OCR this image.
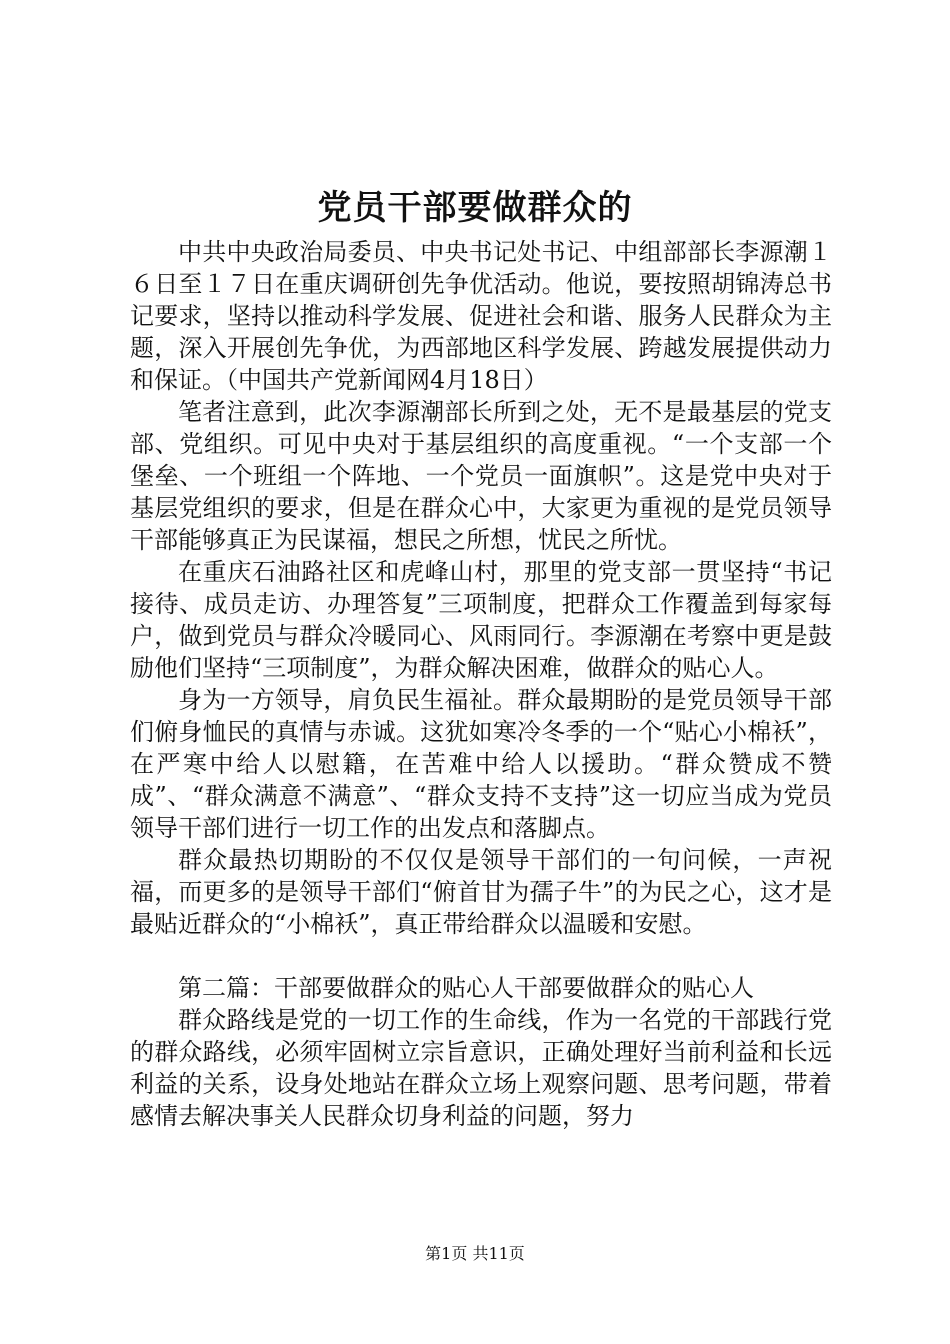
党员干部要做群众的

中共中央政治局委员、中央书记处书记、中组部部长李源潮１６日至１７日在重庆调研创先争优活动。他说，要按照胡锦涛总书记要求，坚持以推动科学发展、促进社会和谐、服务人民群众为主题，深入开展创先争优，为西部地区科学发展、跨越发展提供动力和保证。（中国共产党新闻网4月18日）

笔者注意到，此次李源潮部长所到之处，无不是最基层的党支部、党组织。可见中央对于基层组织的高度重视。“一个支部一个堡垒、一个班组一个阵地、一个党员一面旗帜”。这是党中央对于基层党组织的要求，但是在群众心中，大家更为重视的是党员领导干部能够真正为民谋福，想民之所想，忧民之所忧。

在重庆石油路社区和虎峰山村，那里的党支部一贯坚持“书记接待、成员走访、办理答复”三项制度，把群众工作覆盖到每家每户，做到党员与群众冷暖同心、风雨同行。李源潮在考察中更是鼓励他们坚持“三项制度”，为群众解决困难，做群众的贴心人。

身为一方领导，肩负民生福祉。群众最期盼的是党员领导干部们俯身恤民的真情与赤诚。这犹如寒冷冬季的一个“贴心小棉袄”，在严寒中给人以慰籍，在苦难中给人以援助。“群众赞成不赞成”、“群众满意不满意”、“群众支持不支持”这一切应当成为党员领导干部们进行一切工作的出发点和落脚点。

群众最热切期盼的不仅仅是领导干部们的一句问候，一声祝福，而更多的是领导干部们“俯首甘为孺子牛”的为民之心，这才是最贴近群众的“小棉袄”，真正带给群众以温暖和安慰。

第二篇：干部要做群众的贴心人干部要做群众的贴心人

群众路线是党的一切工作的生命线，作为一名党的干部践行党的群众路线，必须牢固树立宗旨意识，正确处理好当前利益和长远利益的关系，设身处地站在群众立场上观察问题、思考问题，带着感情去解决事关人民群众切身利益的问题，努力

第1页 共11页
